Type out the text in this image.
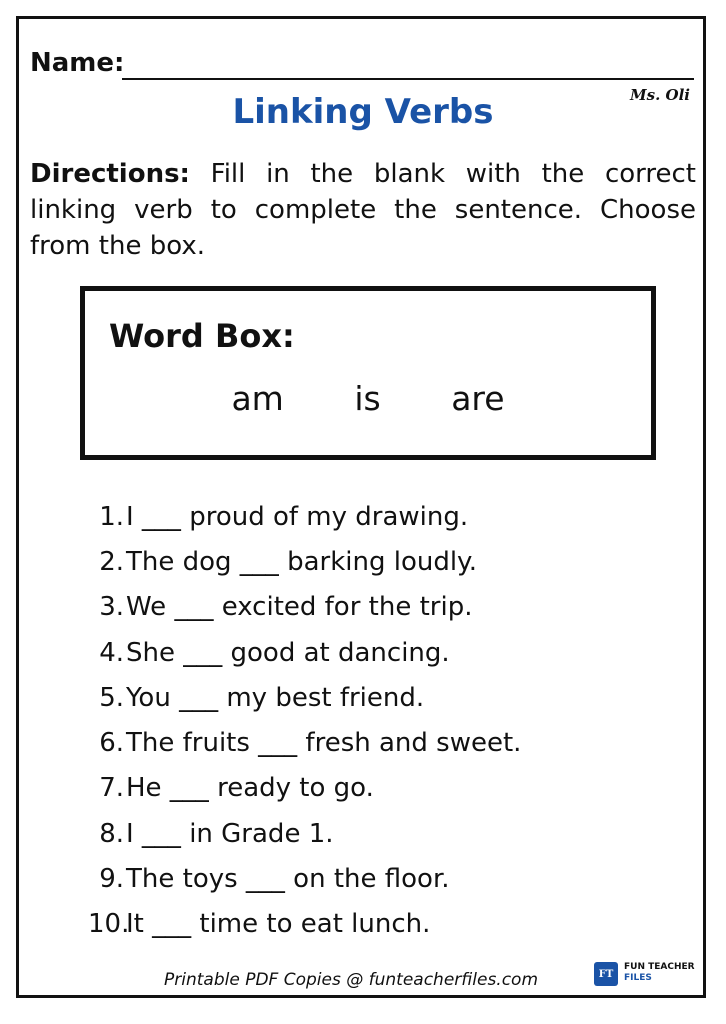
Name:
Ms. Oli
Linking Verbs
Directions: Fill in the blank with the correct linking verb to complete the sentence. Choose from the box.
Word Box:
am is are
1. I ___ proud of my drawing.
2. The dog ___ barking loudly.
3. We ___ excited for the trip.
4. She ___ good at dancing.
5. You ___ my best friend.
6. The fruits ___ fresh and sweet.
7. He ___ ready to go.
8. I ___ in Grade 1.
9. The toys ___ on the floor.
10.
It ___ time to eat lunch.
Printable PDF Copies @ funteacherfiles.com	FT
FUN TEACHER
FILES
